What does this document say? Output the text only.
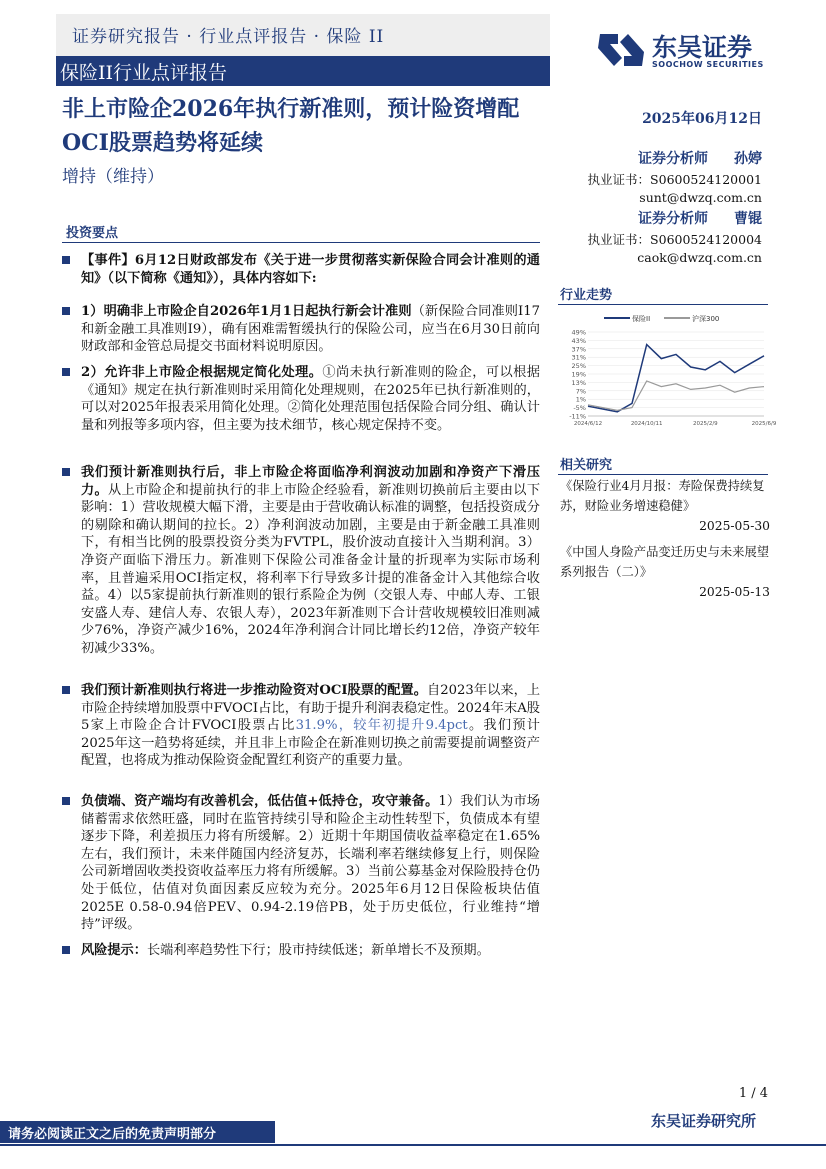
证券研究报告 · 行业点评报告 · 保险 II
保险II行业点评报告
非上市险企2026年执行新准则，预计险资增配OCI股票趋势将延续
增持（维持）
东吴证券
SOOCHOW SECURITIES
2025年06月12日
证券分析师 孙婷
执业证书：S0600524120001
sunt@dwzq.com.cn
证券分析师 曹锟
执业证书：S0600524120004
caok@dwzq.com.cn
投资要点
【事件】6月12日财政部发布《关于进一步贯彻落实新保险合同会计准则的通知》（以下简称《通知》），具体内容如下:
1）明确非上市险企自2026年1月1日起执行新会计准则（新保险合同准则I17和新金融工具准则I9），确有困难需暂缓执行的保险公司，应当在6月30日前向财政部和金管总局提交书面材料说明原因。
2）允许非上市险企根据规定简化处理。①尚未执行新准则的险企，可以根据《通知》规定在执行新准则时采用简化处理规则，在2025年已执行新准则的，可以对2025年报表采用简化处理。②简化处理范围包括保险合同分组、确认计量和列报等多项内容，但主要为技术细节，核心规定保持不变。
我们预计新准则执行后，非上市险企将面临净利润波动加剧和净资产下滑压力。从上市险企和提前执行的非上市险企经验看，新准则切换前后主要由以下影响：1）营收规模大幅下滑，主要是由于营收确认标准的调整，包括投资成分的剔除和确认期间的拉长。2）净利润波动加剧，主要是由于新金融工具准则下，有相当比例的股票投资分类为FVTPL，股价波动直接计入当期利润。3）净资产面临下滑压力。新准则下保险公司准备金计量的折现率为实际市场利率，且普遍采用OCI指定权，将利率下行导致多计提的准备金计入其他综合收益。4）以5家提前执行新准则的银行系险企为例（交银人寿、中邮人寿、工银安盛人寿、建信人寿、农银人寿），2023年新准则下合计营收规模较旧准则减少76%，净资产减少16%，2024年净利润合计同比增长约12倍，净资产较年初减少33%。
我们预计新准则执行将进一步推动险资对OCI股票的配置。自2023年以来，上市险企持续增加股票中FVOCI占比，有助于提升利润表稳定性。2024年末A股5家上市险企合计FVOCI股票占比31.9%，较年初提升9.4pct。我们预计2025年这一趋势将延续，并且非上市险企在新准则切换之前需要提前调整资产配置，也将成为推动保险资金配置红利资产的重要力量。
负债端、资产端均有改善机会，低估值+低持仓，攻守兼备。1）我们认为市场储蓄需求依然旺盛，同时在监管持续引导和险企主动性转型下，负债成本有望逐步下降，利差损压力将有所缓解。2）近期十年期国债收益率稳定在1.65%左右，我们预计，未来伴随国内经济复苏，长端利率若继续修复上行，则保险公司新增固收类投资收益率压力将有所缓解。3）当前公募基金对保险股持仓仍处于低位，估值对负面因素反应较为充分。2025年6月12日保险板块估值2025E 0.58-0.94倍PEV、0.94-2.19倍PB，处于历史低位，行业维持“增持”评级。
风险提示：长端利率趋势性下行；股市持续低迷；新单增长不及预期。
行业走势
保险II	沪深300
49%
43%
37%
31%
25%
19%
13%
7%
1%
-5%
-11%
2024/6/12	2024/10/11	2025/2/9	2025/6/9
相关研究
《保险行业4月月报：寿险保费持续复苏，财险业务增速稳健》
2025-05-30
《中国人身险产品变迁历史与未来展望系列报告（二）》
2025-05-13
1 / 4
请务必阅读正文之后的免责声明部分
东吴证券研究所
